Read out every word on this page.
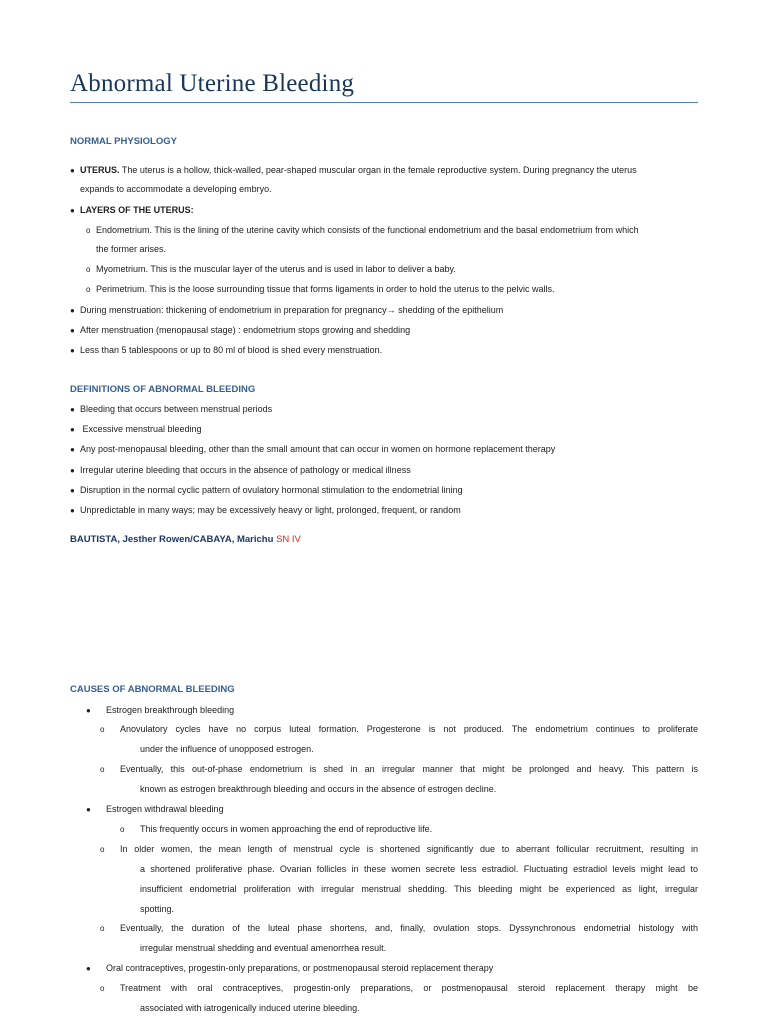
Abnormal Uterine Bleeding
NORMAL PHYSIOLOGY
● UTERUS. The uterus is a hollow, thick-walled, pear-shaped muscular organ in the female reproductive system. During pregnancy the uterus
expands to accommodate a developing embryo.
● LAYERS OF THE UTERUS:
o Endometrium. This is the lining of the uterine cavity which consists of the functional endometrium and the basal endometrium from which
the former arises.
o Myometrium. This is the muscular layer of the uterus and is used in labor to deliver a baby.
o Perimetrium. This is the loose surrounding tissue that forms ligaments in order to hold the uterus to the pelvic walls.
● During menstruation: thickening of endometrium in preparation for pregnancy→ shedding of the epithelium
● After menstruation (menopausal stage) : endometrium stops growing and shedding
● Less than 5 tablespoons or up to 80 ml of blood is shed every menstruation.
DEFINITIONS OF ABNORMAL BLEEDING
● Bleeding that occurs between menstrual periods
● Excessive menstrual bleeding
● Any post-menopausal bleeding, other than the small amount that can occur in women on hormone replacement therapy
● Irregular uterine bleeding that occurs in the absence of pathology or medical illness
● Disruption in the normal cyclic pattern of ovulatory hormonal stimulation to the endometrial lining
● Unpredictable in many ways; may be excessively heavy or light, prolonged, frequent, or random
BAUTISTA, Jesther Rowen/CABAYA, Marichu SN IV
CAUSES OF ABNORMAL BLEEDING
● Estrogen breakthrough bleeding
o Anovulatory cycles have no corpus luteal formation. Progesterone is not produced. The endometrium continues to proliferate
under the influence of unopposed estrogen.
o Eventually, this out-of-phase endometrium is shed in an irregular manner that might be prolonged and heavy. This pattern is
known as estrogen breakthrough bleeding and occurs in the absence of estrogen decline.
● Estrogen withdrawal bleeding
o This frequently occurs in women approaching the end of reproductive life.
o In older women, the mean length of menstrual cycle is shortened significantly due to aberrant follicular recruitment, resulting in
a shortened proliferative phase. Ovarian follicles in these women secrete less estradiol. Fluctuating estradiol levels might lead to
insufficient endometrial proliferation with irregular menstrual shedding. This bleeding might be experienced as light, irregular
spotting.
o Eventually, the duration of the luteal phase shortens, and, finally, ovulation stops. Dyssynchronous endometrial histology with
irregular menstrual shedding and eventual amenorrhea result.
● Oral contraceptives, progestin-only preparations, or postmenopausal steroid replacement therapy
o Treatment with oral contraceptives, progestin-only preparations, or postmenopausal steroid replacement therapy might be
associated with iatrogenically induced uterine bleeding.
